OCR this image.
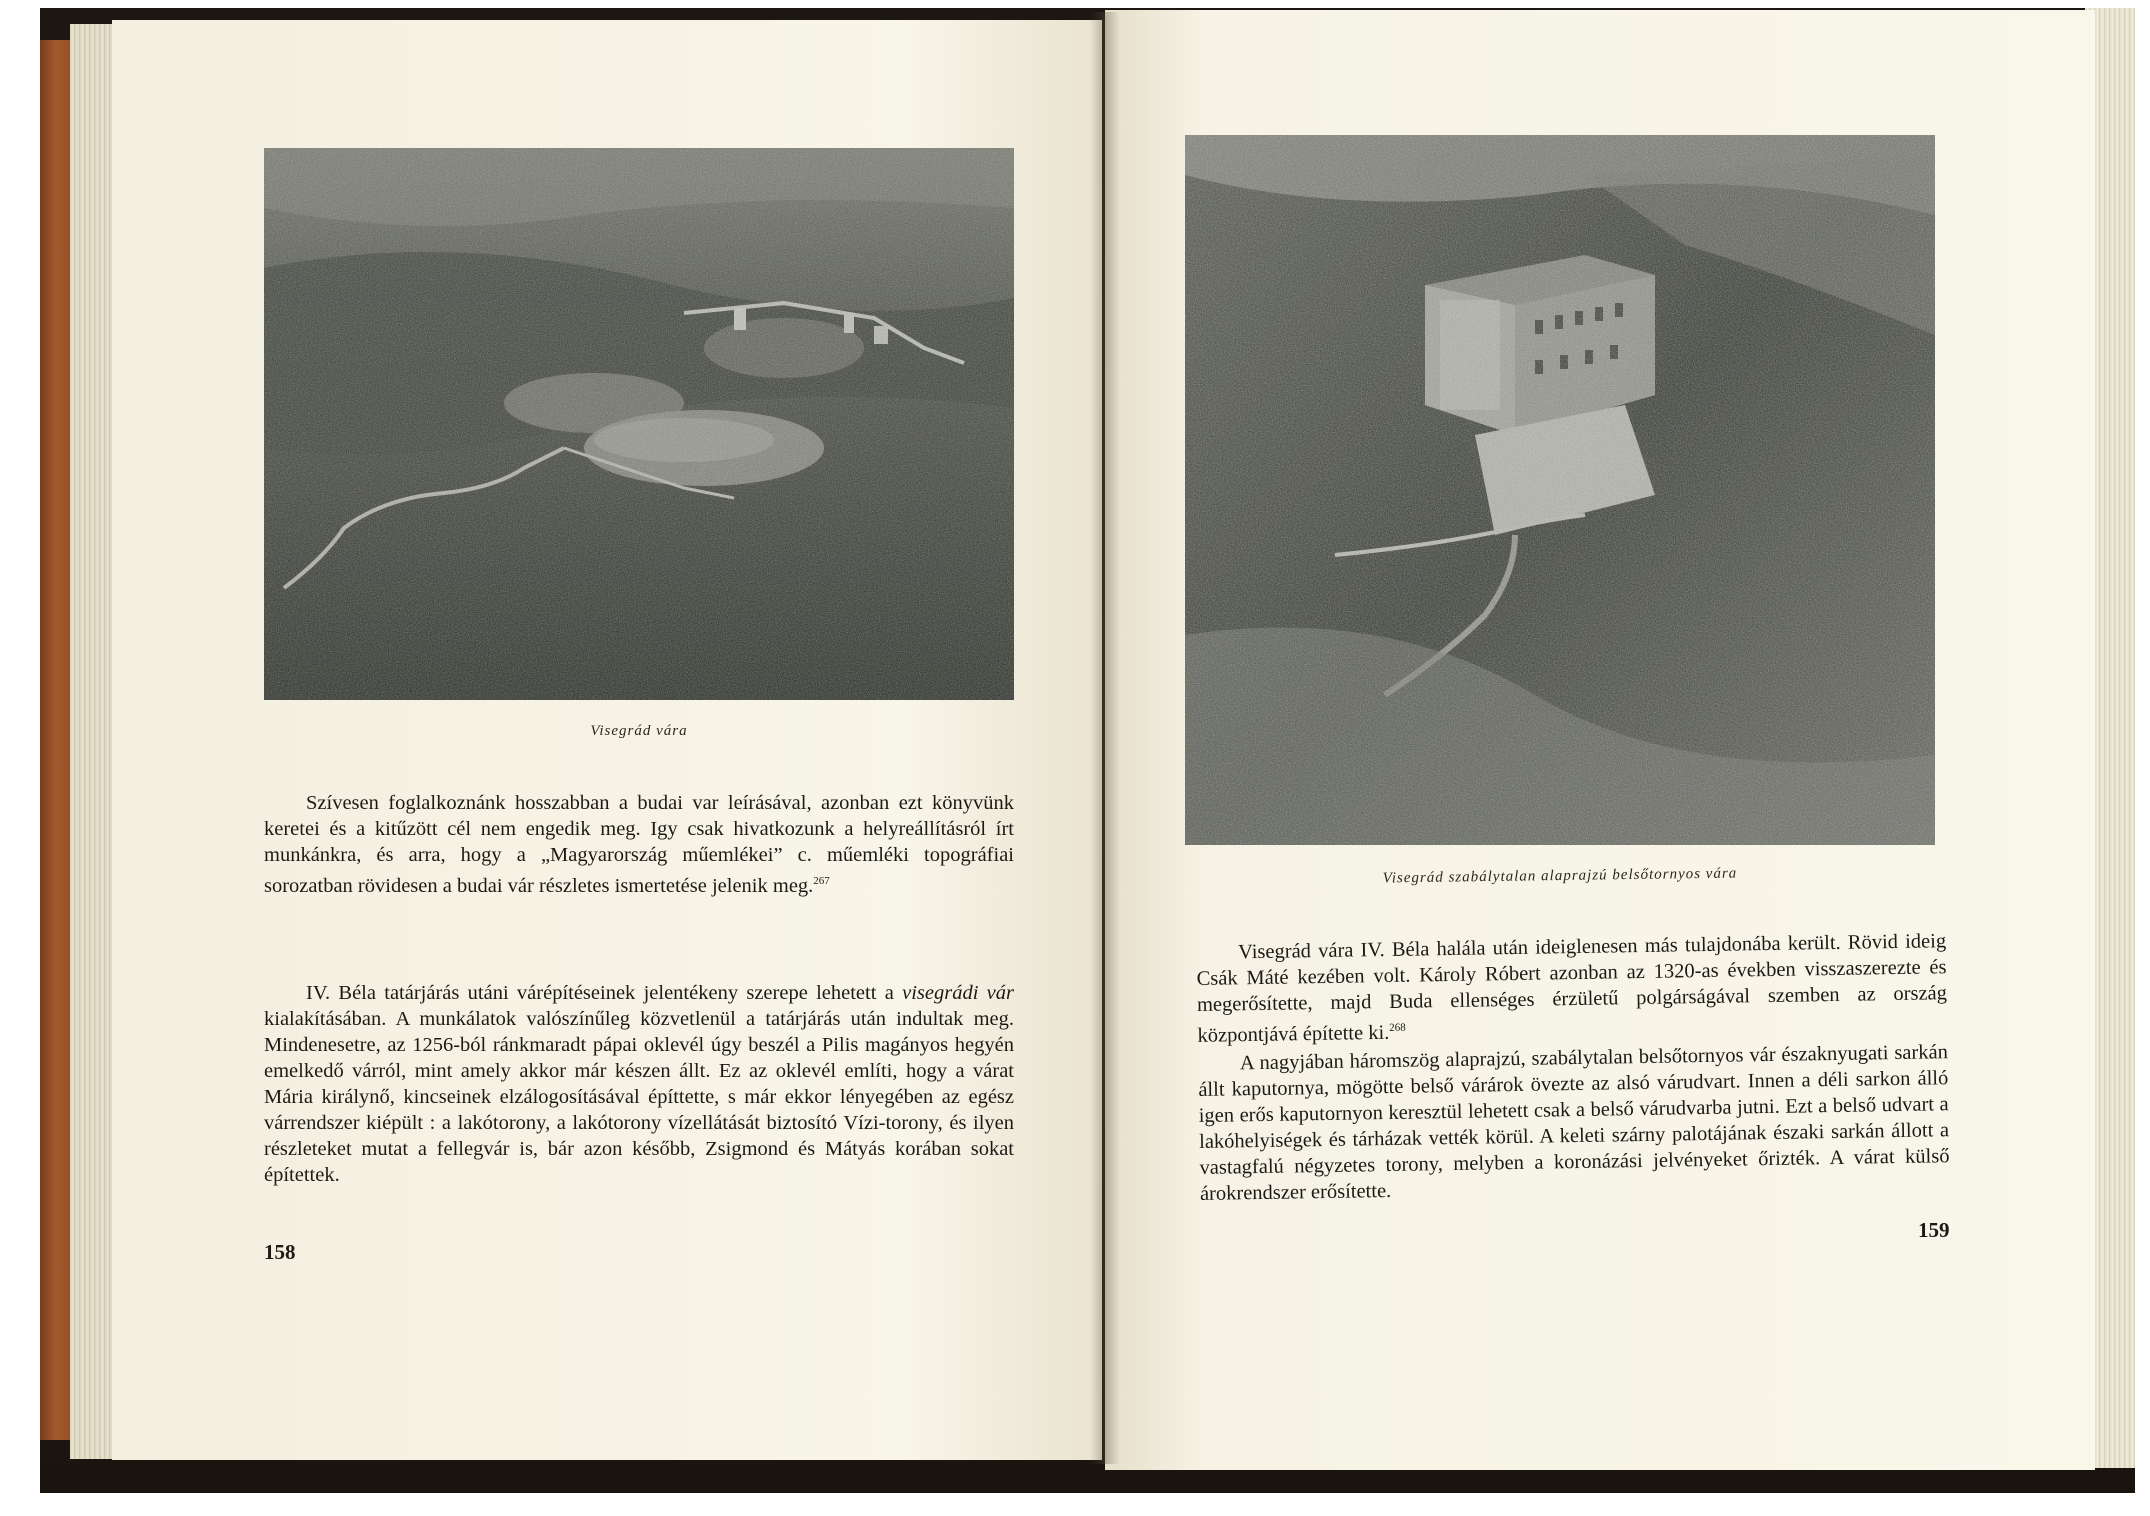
Visegrád vára

Szívesen foglalkoznánk hosszabban a budai var leírásával, azonban ezt könyvünk keretei és a kitűzött cél nem engedik meg. Igy csak hivatkozunk a helyreállításról írt munkánkra, és arra, hogy a „Magyarország műemlékei” c. műemléki topográfiai sorozatban rövidesen a budai vár részletes ismertetése jelenik meg.$^{267}$

IV. Béla tatárjárás utáni várépítéseinek jelentékeny szerepe lehetett a visegrádi vár kialakításában. A munkálatok valószínűleg közvetlenül a tatárjárás után indultak meg. Mindenesetre, az 1256-ból ránkmaradt pápai oklevél úgy beszél a Pilis magányos hegyén emelkedő várról, mint amely akkor már készen állt. Ez az oklevél említi, hogy a várat Mária királynő, kincseinek elzálogosításával építtette, s már ekkor lényegében az egész várrendszer kiépült : a lakótorony, a lakótorony vízellátását biztosító Vízi-torony, és ilyen részleteket mutat a fellegvár is, bár azon később, Zsigmond és Mátyás korában sokat építettek.

158
Visegrád szabálytalan alaprajzú belsőtornyos vára

Visegrád vára IV. Béla halála után ideiglenesen más tulajdonába került. Rövid ideig Csák Máté kezében volt. Károly Róbert azonban az 1320-as években visszaszerezte és megerősítette, majd Buda ellenséges érzületű polgárságával szemben az ország központjává építette ki.$^{268}$

A nagyjában háromszög alaprajzú, szabálytalan belsőtornyos vár északnyugati sarkán állt kaputornya, mögötte belső várárok övezte az alsó várudvart. Innen a déli sarkon álló igen erős kaputornyon keresztül lehetett csak a belső várudvarba jutni. Ezt a belső udvart a lakóhelyiségek és tárházak vették körül. A keleti szárny palotájának északi sarkán állott a vastagfalú négyzetes torony, melyben a koronázási jelvényeket őrizték. A várat külső árokrendszer erősítette.

159
